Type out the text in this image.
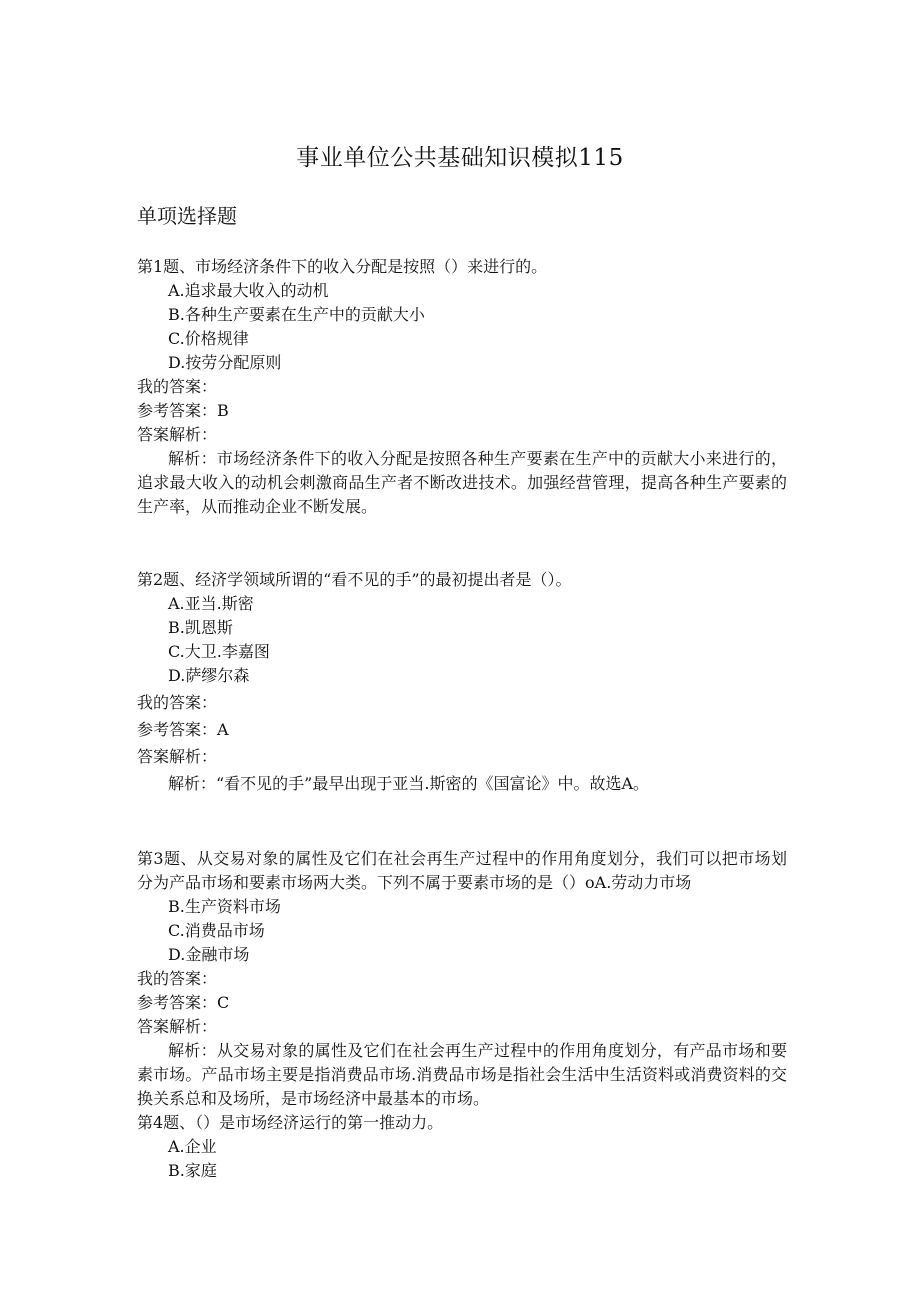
事业单位公共基础知识模拟115
单项选择题
第1题、市场经济条件下的收入分配是按照（）来进行的。
A.追求最大收入的动机
B.各种生产要素在生产中的贡献大小
C.价格规律
D.按劳分配原则
我的答案：
参考答案：B
答案解析：
解析：市场经济条件下的收入分配是按照各种生产要素在生产中的贡献大小来进行的，追求最大收入的动机会刺激商品生产者不断改进技术。加强经营管理，提高各种生产要素的生产率，从而推动企业不断发展。
第2题、经济学领域所谓的“看不见的手”的最初提出者是（）。
A.亚当.斯密
B.凯恩斯
C.大卫.李嘉图
D.萨缪尔森
我的答案：
参考答案：A
答案解析：
解析：“看不见的手”最早出现于亚当.斯密的《国富论》中。故选A。
第3题、从交易对象的属性及它们在社会再生产过程中的作用角度划分，我们可以把市场划分为产品市场和要素市场两大类。下列不属于要素市场的是（）oA.劳动力市场
B.生产资料市场
C.消费品市场
D.金融市场
我的答案：
参考答案：C
答案解析：
解析：从交易对象的属性及它们在社会再生产过程中的作用角度划分，有产品市场和要素市场。产品市场主要是指消费品市场.消费品市场是指社会生活中生活资料或消费资料的交换关系总和及场所，是市场经济中最基本的市场。
第4题、（）是市场经济运行的第一推动力。
A.企业
B.家庭
